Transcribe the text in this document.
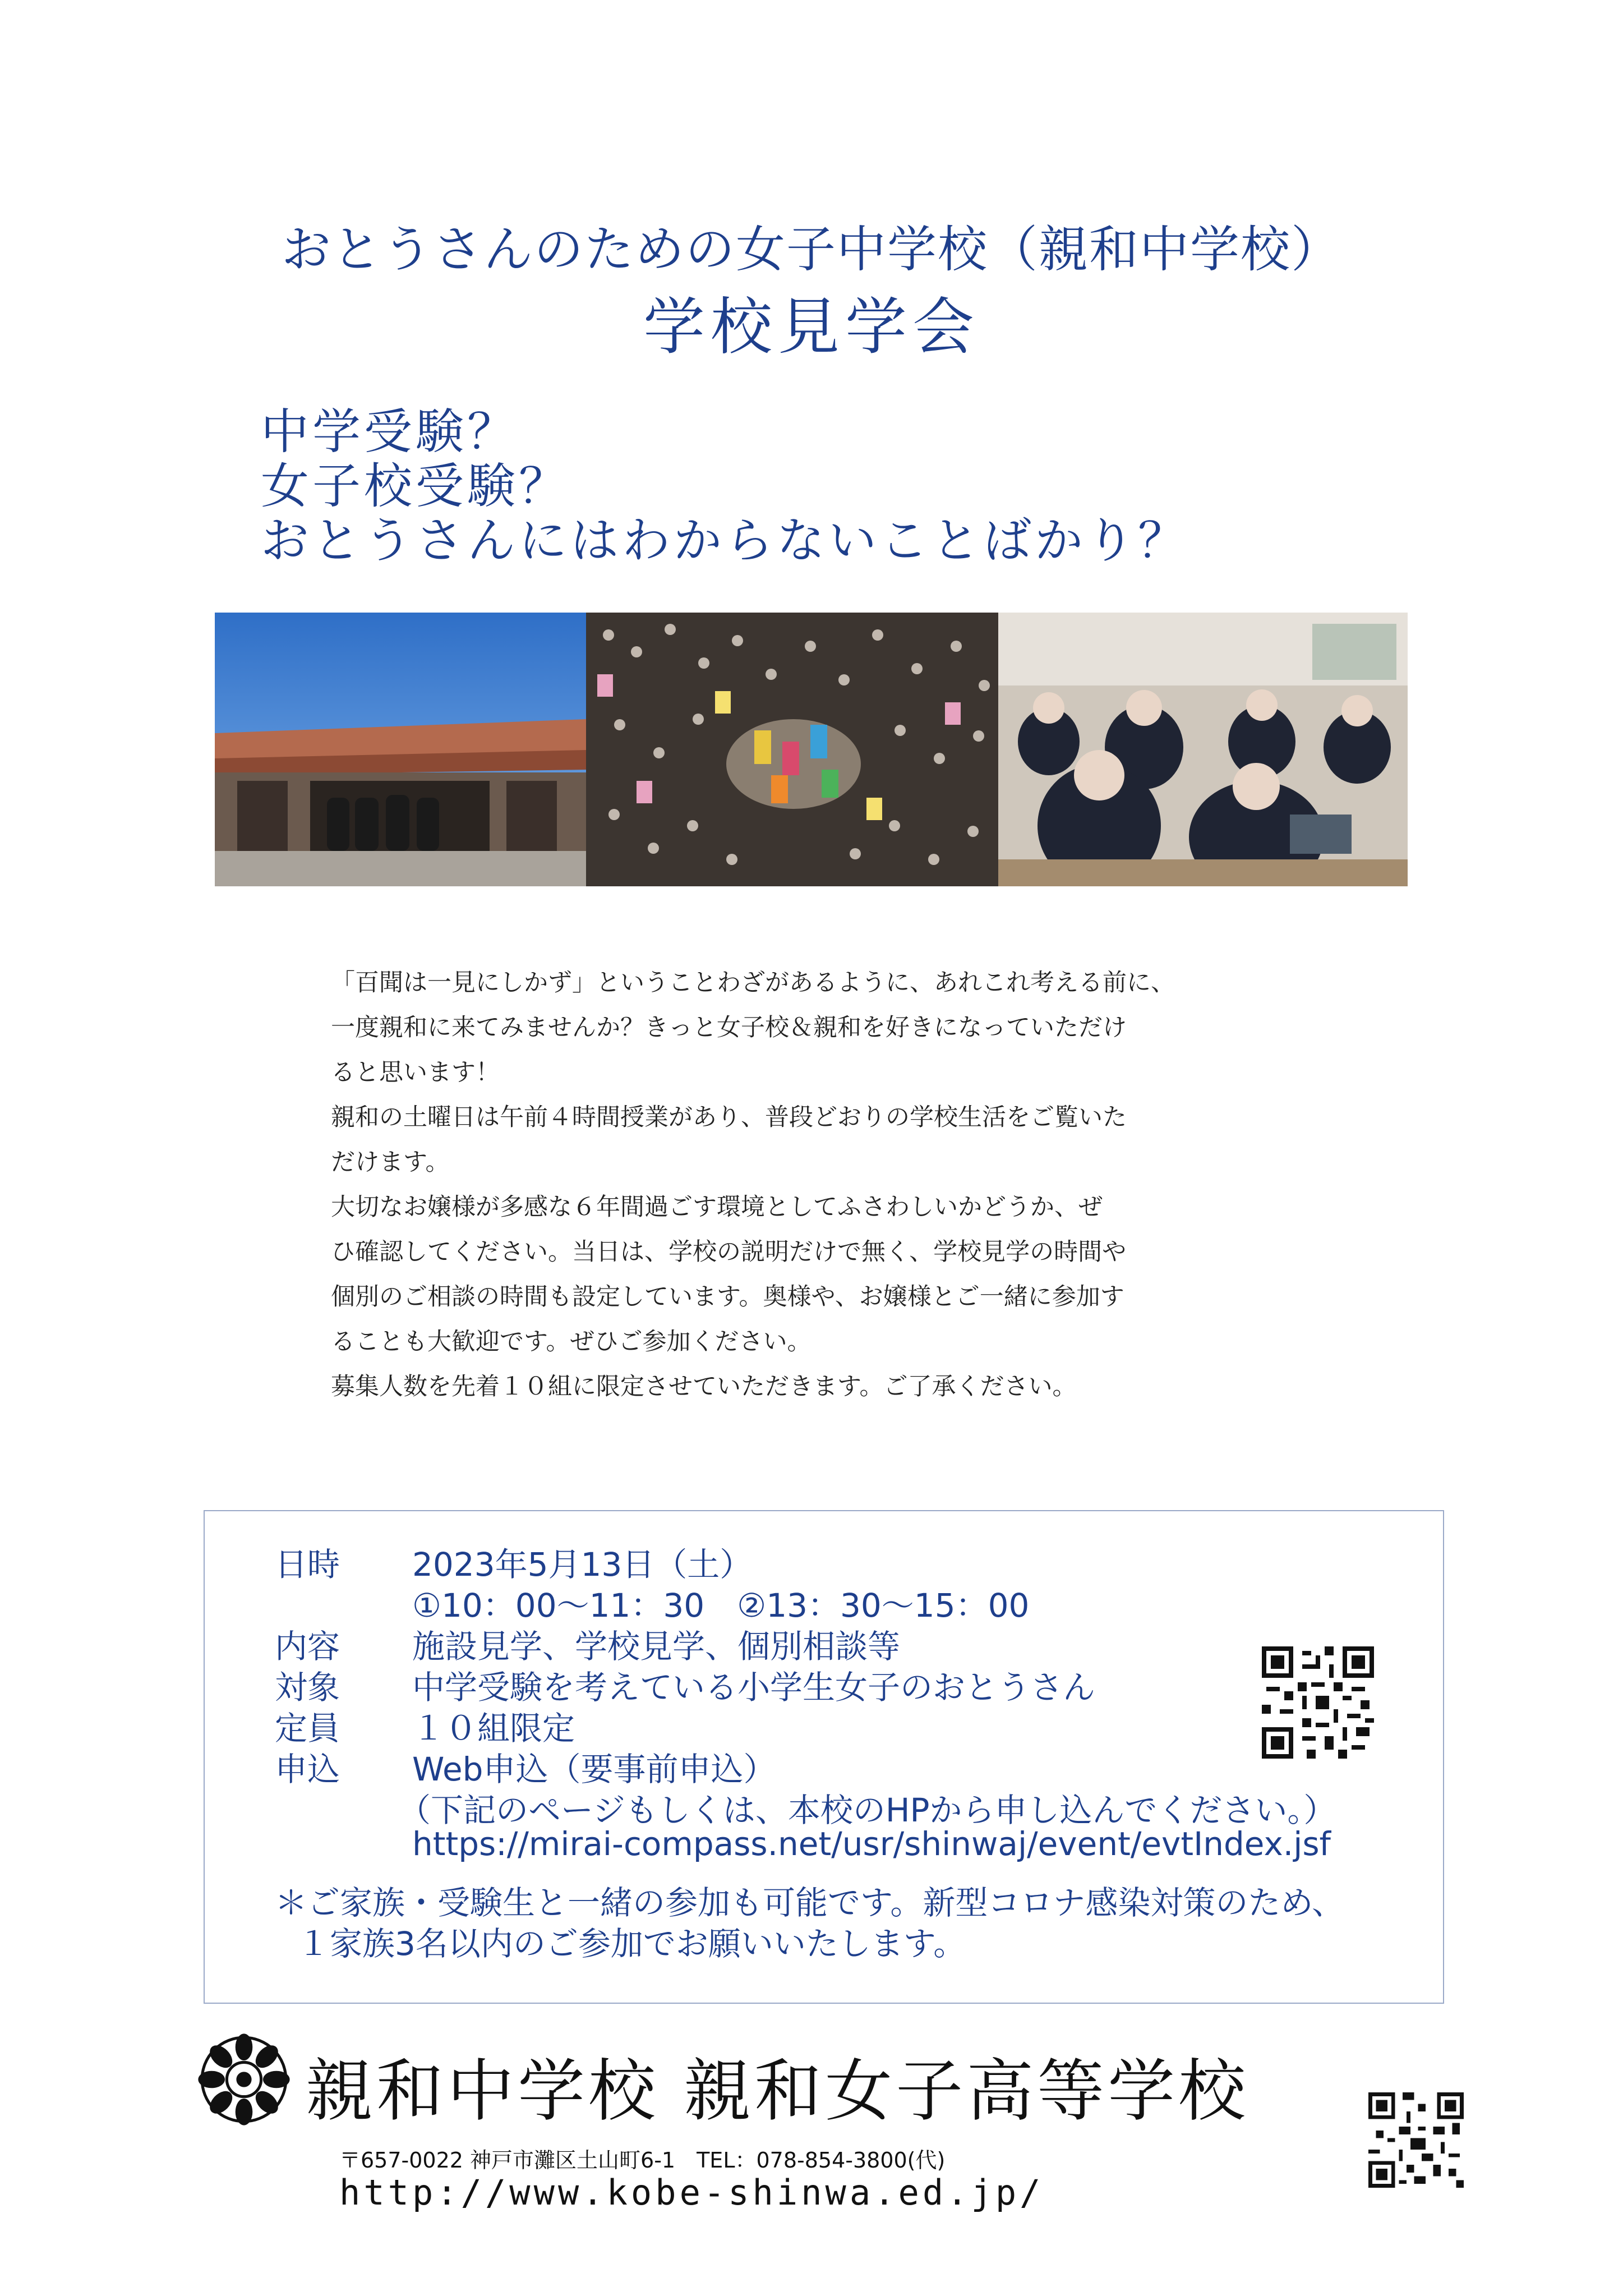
おとうさんのための女子中学校（親和中学校）
学校見学会
中学受験？
女子校受験？
おとうさんにはわからないことばかり？

「百聞は一見にしかず」ということわざがあるように、あれこれ考える前に、

一度親和に来てみませんか？きっと女子校＆親和を好きになっていただけ

ると思います！

親和の土曜日は午前４時間授業があり、普段どおりの学校生活をご覧いた

だけます。

大切なお嬢様が多感な６年間過ごす環境としてふさわしいかどうか、ぜ

ひ確認してください。当日は、学校の説明だけで無く、学校見学の時間や

個別のご相談の時間も設定しています。奥様や、お嬢様とご一緒に参加す

ることも大歓迎です。ぜひご参加ください。

募集人数を先着１０組に限定させていただきます。ご了承ください。

日時 2023年5月13日（土）
①10：00～11：30　②13：30～15：00
内容 施設見学、学校見学、個別相談等
対象 中学受験を考えている小学生女子のおとうさん
定員 １０組限定
申込 Web申込（要事前申込）
（下記のページもしくは、本校のHPから申し込んでください。）
https://mirai-compass.net/usr/shinwaj/event/evtIndex.jsf
＊ご家族・受験生と一緒の参加も可能です。新型コロナ感染対策のため、
１家族3名以内のご参加でお願いいたします。
親和中学校 親和女子高等学校
〒657-0022 神戸市灘区土山町6-1　TEL：078-854-3800(代)
http://www.kobe-shinwa.ed.jp/
